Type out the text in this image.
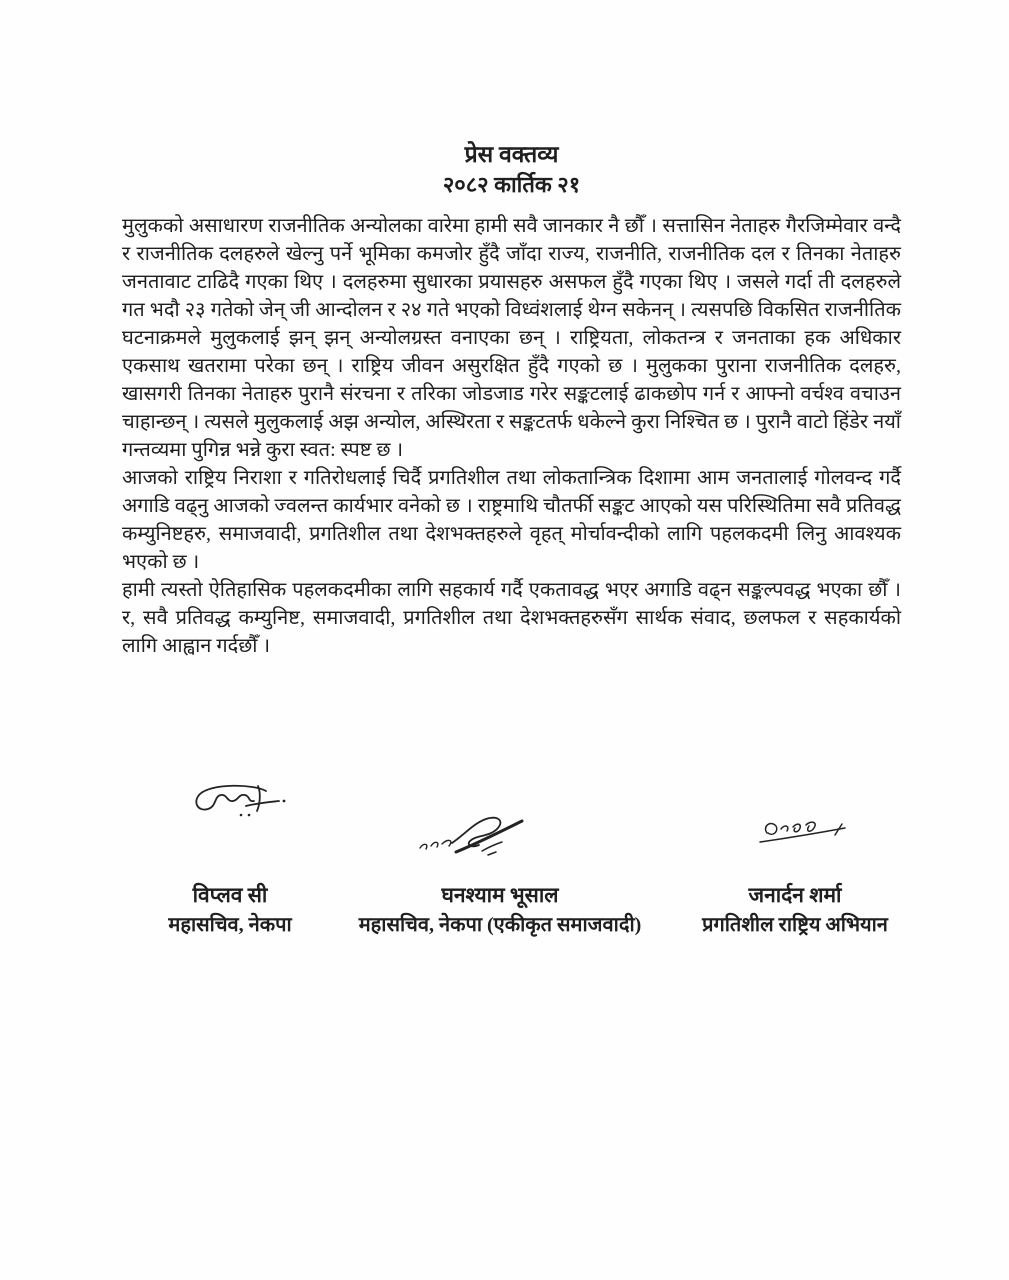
प्रेस वक्तव्य
२०८२ कार्तिक २१

मुलुकको असाधारण राजनीतिक अन्योलका वारेमा हामी सवै जानकार नै छौँ । सत्तासिन नेताहरु गैरजिम्मेवार वन्दै र राजनीतिक दलहरुले खेल्नु पर्ने भूमिका कमजोर हुँदै जाँदा राज्य, राजनीति, राजनीतिक दल र तिनका नेताहरु जनतावाट टाढिदै गएका थिए । दलहरुमा सुधारका प्रयासहरु असफल हुँदै गएका थिए । जसले गर्दा ती दलहरुले गत भदौ २३ गतेको जेन् जी आन्दोलन र २४ गते भएको विध्वंशलाई थेग्न सकेनन् । त्यसपछि विकसित राजनीतिक घटनाक्रमले मुलुकलाई झन् झन् अन्योलग्रस्त वनाएका छन् । राष्ट्रियता, लोकतन्त्र र जनताका हक अधिकार एकसाथ खतरामा परेका छन् । राष्ट्रिय जीवन असुरक्षित हुँदै गएको छ । मुलुकका पुराना राजनीतिक दलहरु, खासगरी तिनका नेताहरु पुरानै संरचना र तरिका जोडजाड गरेर सङ्कटलाई ढाकछोप गर्न र आफ्नो वर्चश्व वचाउन चाहान्छन् । त्यसले मुलुकलाई अझ अन्योल, अस्थिरता र सङ्कटतर्फ धकेल्ने कुरा निश्चित छ । पुरानै वाटो हिंडेर नयाँ गन्तव्यमा पुगिन्न भन्ने कुरा स्वत: स्पष्ट छ ।

आजको राष्ट्रिय निराशा र गतिरोधलाई चिर्दै प्रगतिशील तथा लोकतान्त्रिक दिशामा आम जनतालाई गोलवन्द गर्दै अगाडि वढ्नु आजको ज्वलन्त कार्यभार वनेको छ । राष्ट्रमाथि चौतर्फी सङ्कट आएको यस परिस्थितिमा सवै प्रतिवद्ध कम्युनिष्टहरु, समाजवादी, प्रगतिशील तथा देशभक्तहरुले वृहत् मोर्चावन्दीको लागि पहलकदमी लिनु आवश्यक भएको छ ।

हामी त्यस्तो ऐतिहासिक पहलकदमीका लागि सहकार्य गर्दै एकतावद्ध भएर अगाडि वढ्न सङ्कल्पवद्ध भएका छौँ । र, सवै प्रतिवद्ध कम्युनिष्ट, समाजवादी, प्रगतिशील तथा देशभक्तहरुसँग सार्थक संवाद, छलफल र सहकार्यको लागि आह्वान गर्दछौँ ।

विप्लव सी
महासचिव, नेकपा
घनश्याम भूसाल
महासचिव, नेकपा (एकीकृत समाजवादी)
जनार्दन शर्मा
प्रगतिशील राष्ट्रिय अभियान
